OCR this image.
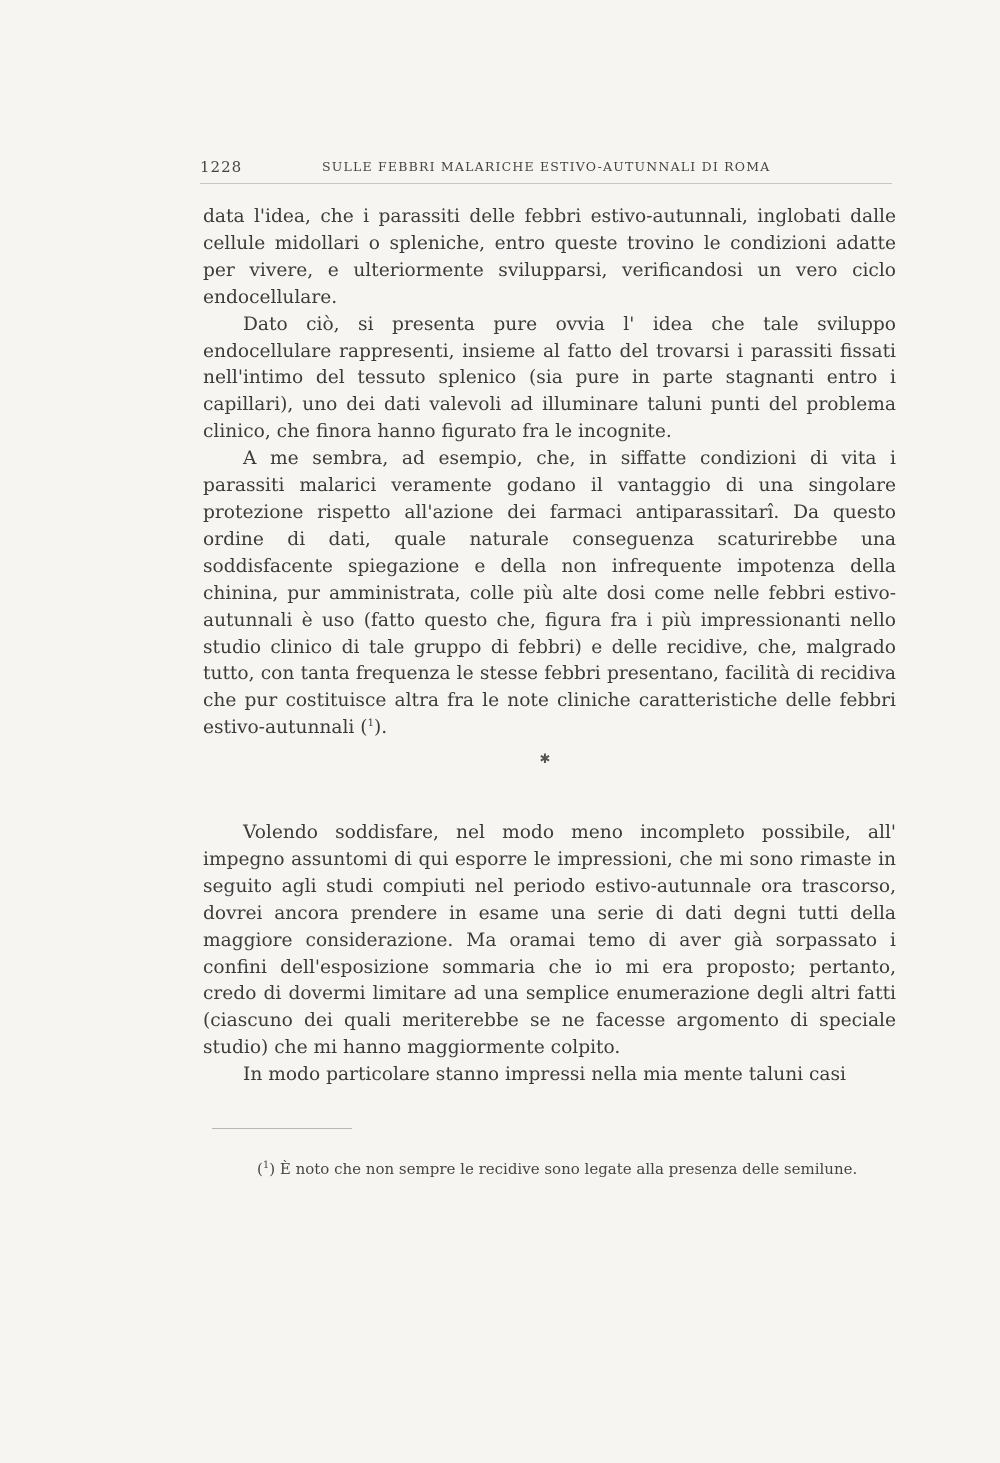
1228	SULLE FEBBRI MALARICHE ESTIVO-AUTUNNALI DI ROMA

data l'idea, che i parassiti delle febbri estivo-autunnali, inglobati dalle cellule midollari o spleniche, entro queste trovino le condizioni adatte per vivere, e ulteriormente svilupparsi, verificandosi un vero ciclo endocellulare.

Dato ciò, si presenta pure ovvia l' idea che tale sviluppo endocellulare rappresenti, insieme al fatto del trovarsi i parassiti fissati nell'intimo del tessuto splenico (sia pure in parte stagnanti entro i capillari), uno dei dati valevoli ad illuminare taluni punti del problema clinico, che finora hanno figurato fra le incognite.

A me sembra, ad esempio, che, in siffatte condizioni di vita i parassiti malarici veramente godano il vantaggio di una singolare protezione rispetto all'azione dei farmaci antiparassitarî. Da questo ordine di dati, quale naturale conseguenza scaturirebbe una soddisfacente spiegazione e della non infrequente impotenza della chinina, pur amministrata, colle più alte dosi come nelle febbri estivo-autunnali è uso (fatto questo che, figura fra i più impressionanti nello studio clinico di tale gruppo di febbri) e delle recidive, che, malgrado tutto, con tanta frequenza le stesse febbri presentano, facilità di recidiva che pur costituisce altra fra le note cliniche caratteristiche delle febbri estivo-autunnali ($^1$).

✱

Volendo soddisfare, nel modo meno incompleto possibile, all' impegno assuntomi di qui esporre le impressioni, che mi sono rimaste in seguito agli studi compiuti nel periodo estivo-autunnale ora trascorso, dovrei ancora prendere in esame una serie di dati degni tutti della maggiore considerazione. Ma oramai temo di aver già sorpassato i confini dell'esposizione sommaria che io mi era proposto; pertanto, credo di dovermi limitare ad una semplice enumerazione degli altri fatti (ciascuno dei quali meriterebbe se ne facesse argomento di speciale studio) che mi hanno maggiormente colpito.

In modo particolare stanno impressi nella mia mente taluni casi

($^1$) È noto che non sempre le recidive sono legate alla presenza delle semilune.
